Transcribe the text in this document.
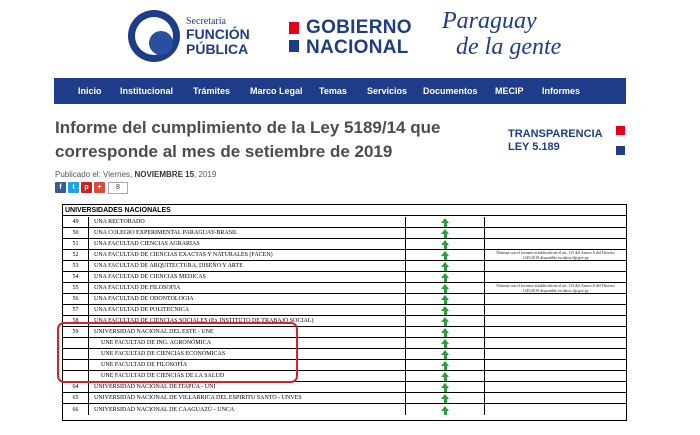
Secretaría
FUNCIÓN
PÚBLICA
GOBIERNO
NACIONAL
Paraguay
de la gente
Inicio Institucional Trámites Marco Legal Temas Servicios Documentos MECIP Informes
Informe del cumplimiento de la Ley 5189/14 que corresponde al mes de setiembre de 2019
TRANSPARENCIA
LEY 5.189
Publicado el: Viernes, NOVIEMBRE 15, 2019
f	t	p	+	8
UNIVERSIDADES NACIONALES
49	UNA RECTORADO
50	UNA COLEGIO EXPERIMENTAL PARAGUAY-BRASIL
51	UNA FACULTAD CIENCIAS AGRARIAS
52	UNA FACULTAD DE CIENCIAS EXACTAS Y NATURALES (FACEN)	Nómina con el formato establecido en el art. 115 del Anexo A del Decreto 1145/2019 disponible en datos.sfp.gov.py
53	UNA FACULTAD DE ARQUITECTURA, DISEÑO Y ARTE
54	UNA FACULTAD DE CIENCIAS MEDICAS
55	UNA FACULTAD DE FILOSOFIA	Nómina con el formato establecido en el art. 115 del Anexo A del Decreto 1145/2019 disponible en datos.sfp.gov.py
56	UNA FACULTAD DE ODONTOLOGIA
57	UNA FACULTAD DE POLITECNICA
58	UNA FACULTAD DE CIENCIAS SOCIALES (Ex INSTITUTO DE TRABAJO SOCIAL)
59	UNIVERSIDAD NACIONAL DEL ESTE - UNE
UNE FACULTAD DE ING. AGRONÓMICA
UNE FACULTAD DE CIENCIAS ECONÓMICAS
UNE FACULTAD DE FILOSOFÍA
UNE FACULTAD DE CIENCIAS DE LA SALUD
64	UNIVERSIDAD NACIONAL DE ITAPÚA - UNI
65	UNIVERSIDAD NACIONAL DE VILLARRICA DEL ESPIRITU SANTO - UNVES
66	UNIVERSIDAD NACIONAL DE CAAGUAZÚ - UNCA
